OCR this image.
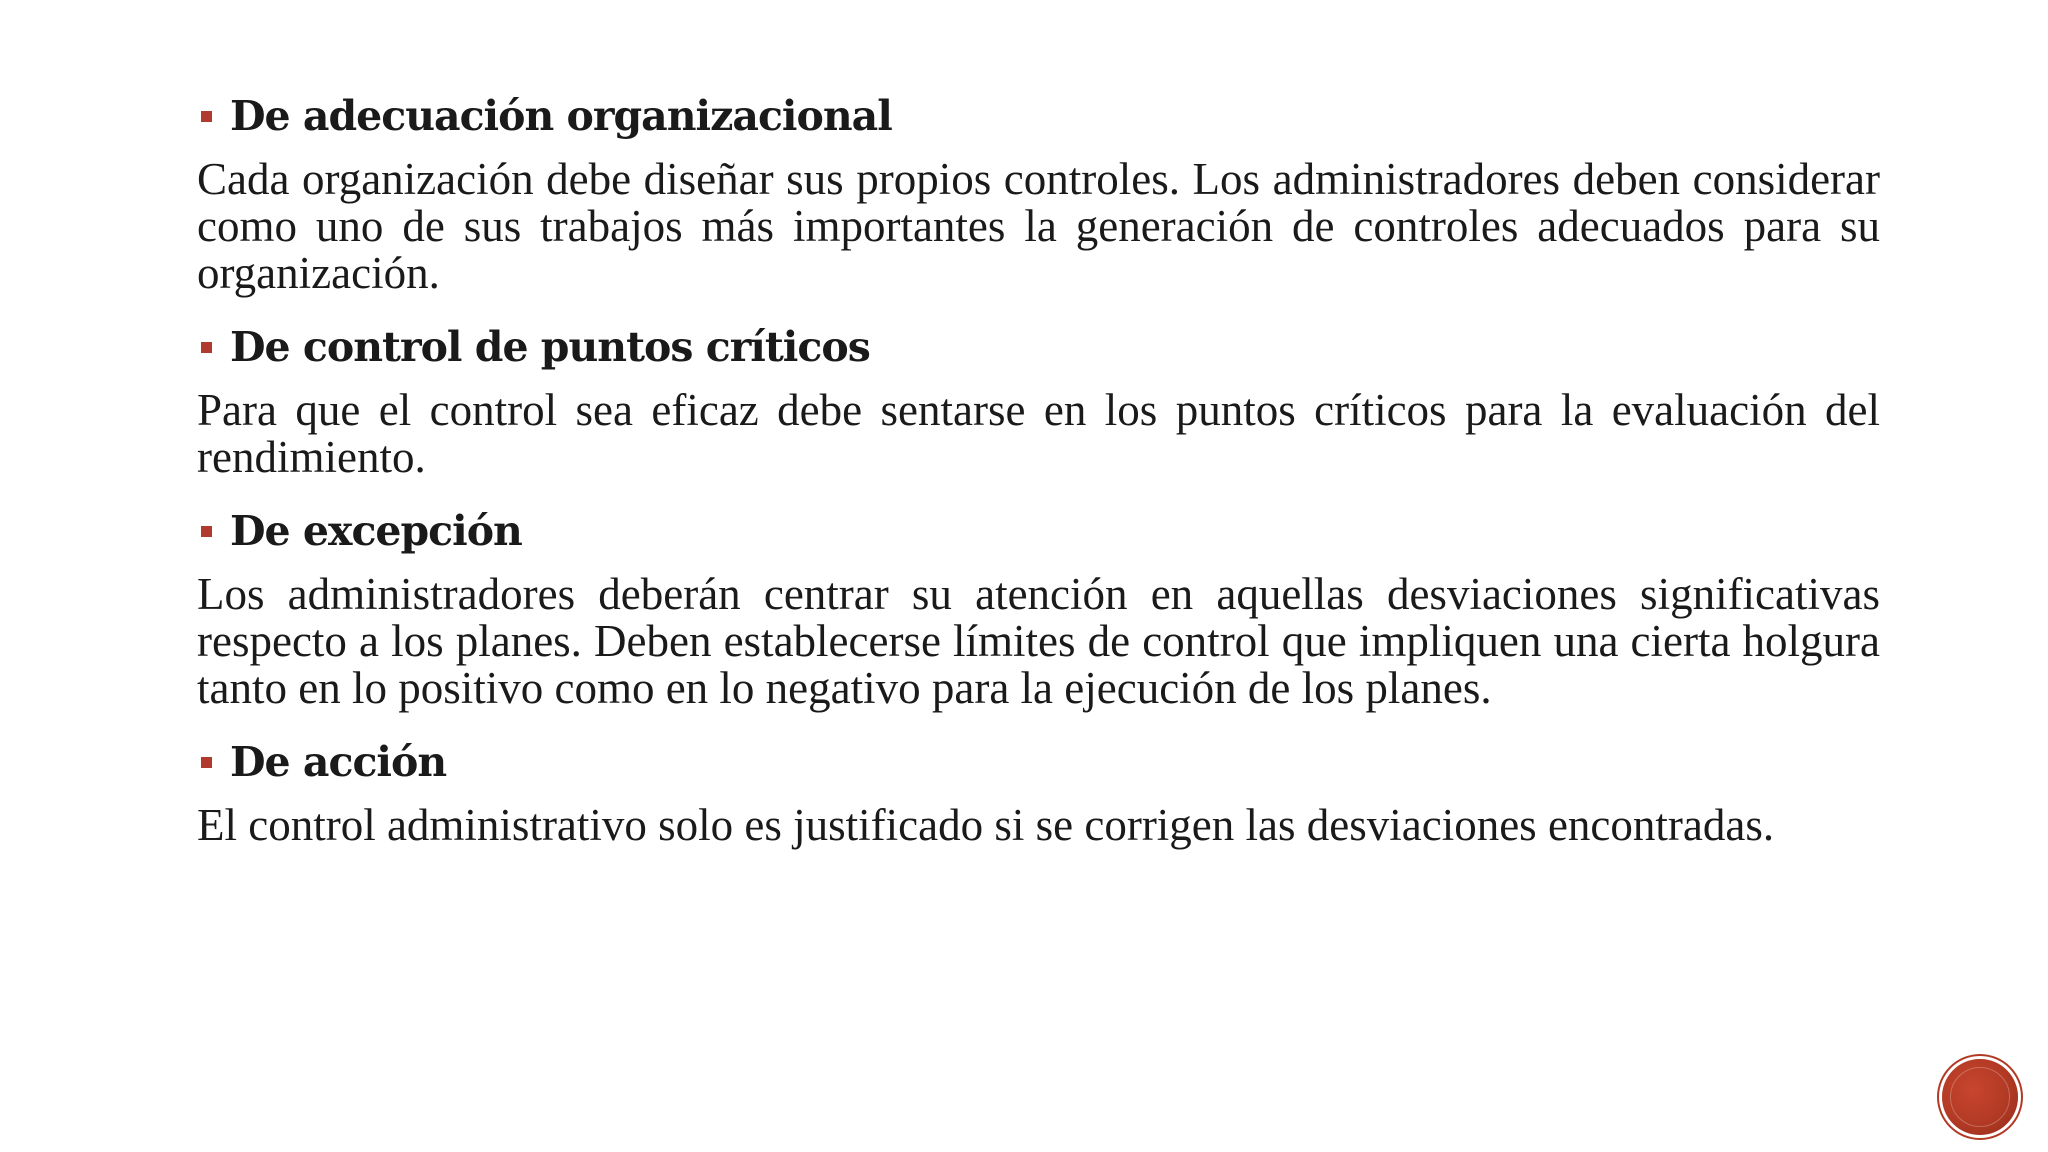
De adecuación organizacional

Cada organización debe diseñar sus propios controles. Los administradores deben considerar como uno de sus trabajos más importantes la generación de controles adecuados para su organización.

De control de puntos críticos

Para que el control sea eficaz debe sentarse en los puntos críticos para la evaluación del rendimiento.

De excepción

Los administradores deberán centrar su atención en aquellas desviaciones significativas respecto a los planes. Deben establecerse límites de control que impliquen una cierta holgura tanto en lo positivo como en lo negativo para la ejecución de los planes.

De acción

El control administrativo solo es justificado si se corrigen las desviaciones encontradas.
